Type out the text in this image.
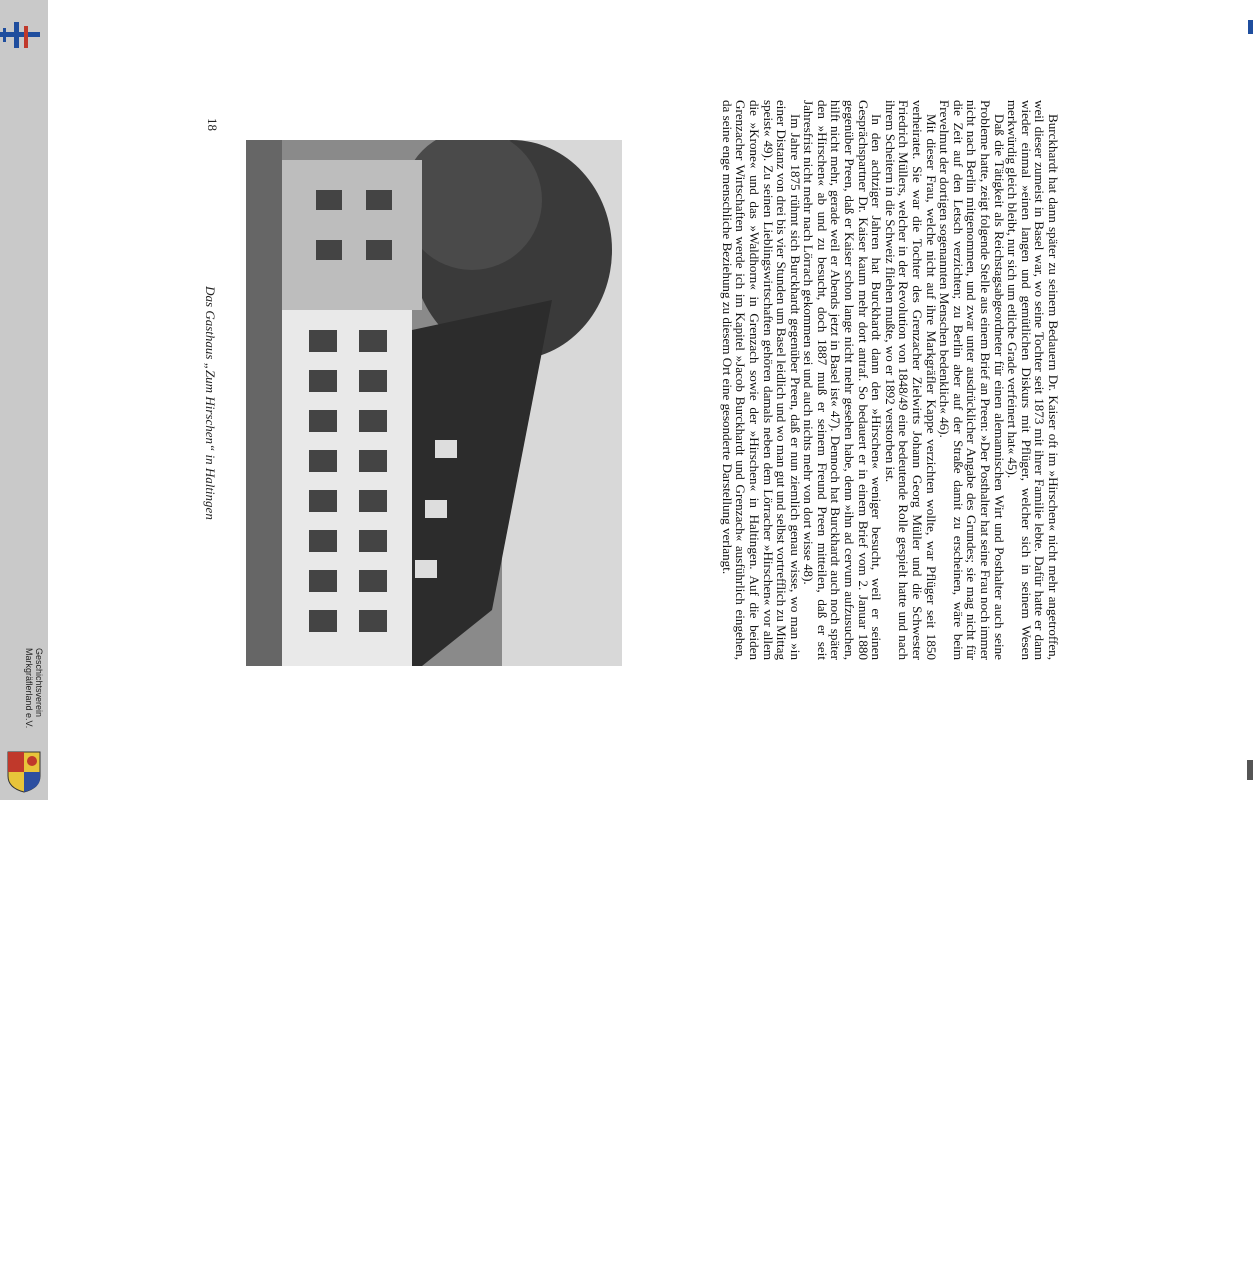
Geschichtsverein
Markgräflerland e.V.

Burckhardt hat dann später zu seinem Bedauern Dr. Kaiser oft im »Hirschen« nicht mehr angetroffen, weil dieser zumeist in Basel war, wo seine Tochter seit 1873 mit ihrer Familie lebte. Dafür hatte er dann wieder einmal »einen langen und gemütlichen Diskurs mit Pflüger, welcher sich in seinem Wesen merkwürdig gleich bleibt, nur sich um etliche Grade verfeinert hat« 45).

Daß die Tätigkeit als Reichstagsabgeordneter für einen alemannischen Wirt und Posthalter auch seine Probleme hatte, zeigt folgende Stelle aus einem Brief an Preen: »Der Posthalter hat seine Frau noch immer nicht nach Berlin mitgenommen, und zwar unter ausdrücklicher Angabe des Grundes; sie mag nicht für die Zeit auf den Letsch verzichten; zu Berlin aber auf der Straße damit zu erscheinen, wäre beim Frevelmut der dortigen sogenannten Menschen bedenklich« 46).

Mit dieser Frau, welche nicht auf ihre Markgräfler Kappe verzichten wollte, war Pflüger seit 1850 verheiratet. Sie war die Tochter des Grenzacher Zielwirts Johann Georg Müller und die Schwester Friedrich Müllers, welcher in der Revolution von 1848/49 eine bedeutende Rolle gespielt hatte und nach ihrem Scheitern in die Schweiz fliehen mußte, wo er 1892 verstorben ist.

In den achtziger Jahren hat Burckhardt dann den »Hirschen« weniger besucht, weil er seinen Gesprächspartner Dr. Kaiser kaum mehr dort antraf. So bedauert er in einem Brief vom 2. Januar 1880 gegenüber Preen, daß er Kaiser schon lange nicht mehr gesehen habe, denn »ihn ad cervum aufzusuchen, hilft nicht mehr, gerade weil er Abends jetzt in Basel ist« 47). Dennoch hat Burckhardt auch noch später den »Hirschen« ab und zu besucht, doch 1887 muß er seinem Freund Preen mitteilen, daß er seit Jahresfrist nicht mehr nach Lörrach gekommen sei und auch nichts mehr von dort wisse 48).

Im Jahre 1875 rühmt sich Burckhardt gegenüber Preen, daß er nun ziemlich genau wisse, wo man »in einer Distanz von drei bis vier Stunden um Basel leidlich und wo man gut und selbst vortrefflich zu Mittag speist« 49). Zu seinen Lieblingswirtschaften gehören damals neben dem Lörracher »Hirschen« vor allem die »Krone« und das »Waldhorn« in Grenzach sowie der »Hirschen« in Haltingen. Auf die beiden Grenzacher Wirtschaften werde ich im Kapitel »Jacob Burckhardt und Grenzach« ausführlich eingehen, da seine enge menschliche Beziehung zu diesem Ort eine gesonderte Darstellung verlangt.

Das Gasthaus „Zum Hirschen“ in Haltingen
18
